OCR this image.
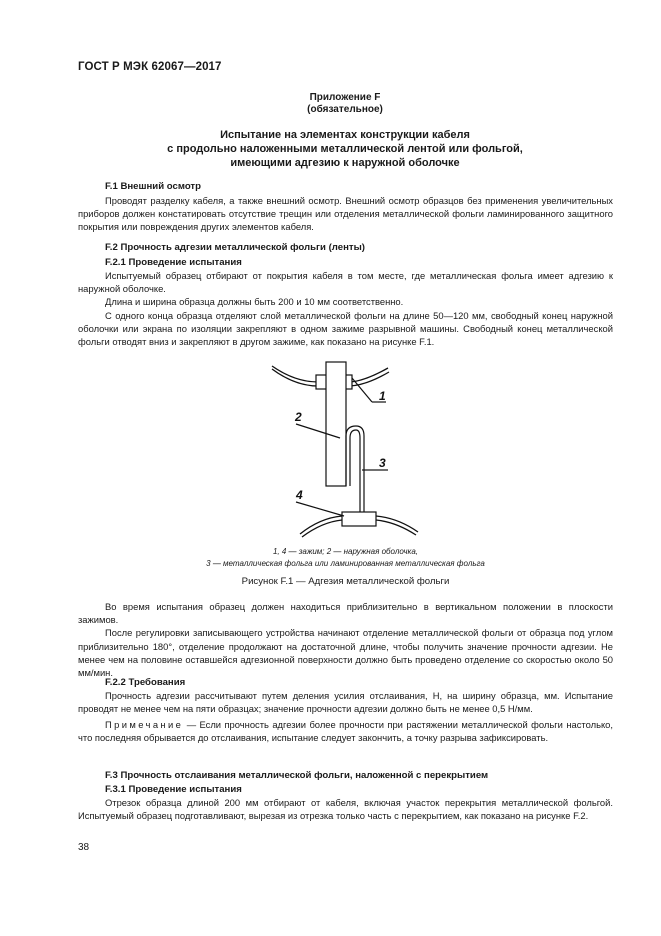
ГОСТ Р МЭК 62067—2017
Приложение F
(обязательное)
Испытание на элементах конструкции кабеля
с продольно наложенными металлической лентой или фольгой,
имеющими адгезию к наружной оболочке
F.1 Внешний осмотр

Проводят разделку кабеля, а также внешний осмотр. Внешний осмотр образцов без применения увеличительных приборов должен констатировать отсутствие трещин или отделения металлической фольги ламинированного защитного покрытия или повреждения других элементов кабеля.

F.2 Прочность адгезии металлической фольги (ленты)
F.2.1 Проведение испытания

Испытуемый образец отбирают от покрытия кабеля в том месте, где металлическая фольга имеет адгезию к наружной оболочке.

Длина и ширина образца должны быть 200 и 10 мм соответственно.

С одного конца образца отделяют слой металлической фольги на длине 50—120 мм, свободный конец наружной оболочки или экрана по изоляции закрепляют в одном зажиме разрывной машины. Свободный конец металлической фольги отводят вниз и закрепляют в другом зажиме, как показано на рисунке F.1.

1
2
3
4
1, 4 — зажим; 2 — наружная оболочка,
3 — металлическая фольга или ламинированная металлическая фольга
Рисунок F.1 — Адгезия металлической фольги

Во время испытания образец должен находиться приблизительно в вертикальном положении в плоскости зажимов.

После регулировки записывающего устройства начинают отделение металлической фольги от образца под углом приблизительно 180°, отделение продолжают на достаточной длине, чтобы получить значение прочности адгезии. Не менее чем на половине оставшейся адгезионной поверхности должно быть проведено отделение со скоростью около 50 мм/мин.

F.2.2 Требования

Прочность адгезии рассчитывают путем деления усилия отслаивания, Н, на ширину образца, мм. Испытание проводят не менее чем на пяти образцах; значение прочности адгезии должно быть не менее 0,5 Н/мм.

Примечание — Если прочность адгезии более прочности при растяжении металлической фольги настолько, что последняя обрывается до отслаивания, испытание следует закончить, а точку разрыва зафиксировать.

F.3 Прочность отслаивания металлической фольги, наложенной с перекрытием
F.3.1 Проведение испытания

Отрезок образца длиной 200 мм отбирают от кабеля, включая участок перекрытия металлической фольгой. Испытуемый образец подготавливают, вырезая из отрезка только часть с перекрытием, как показано на рисунке F.2.

38
